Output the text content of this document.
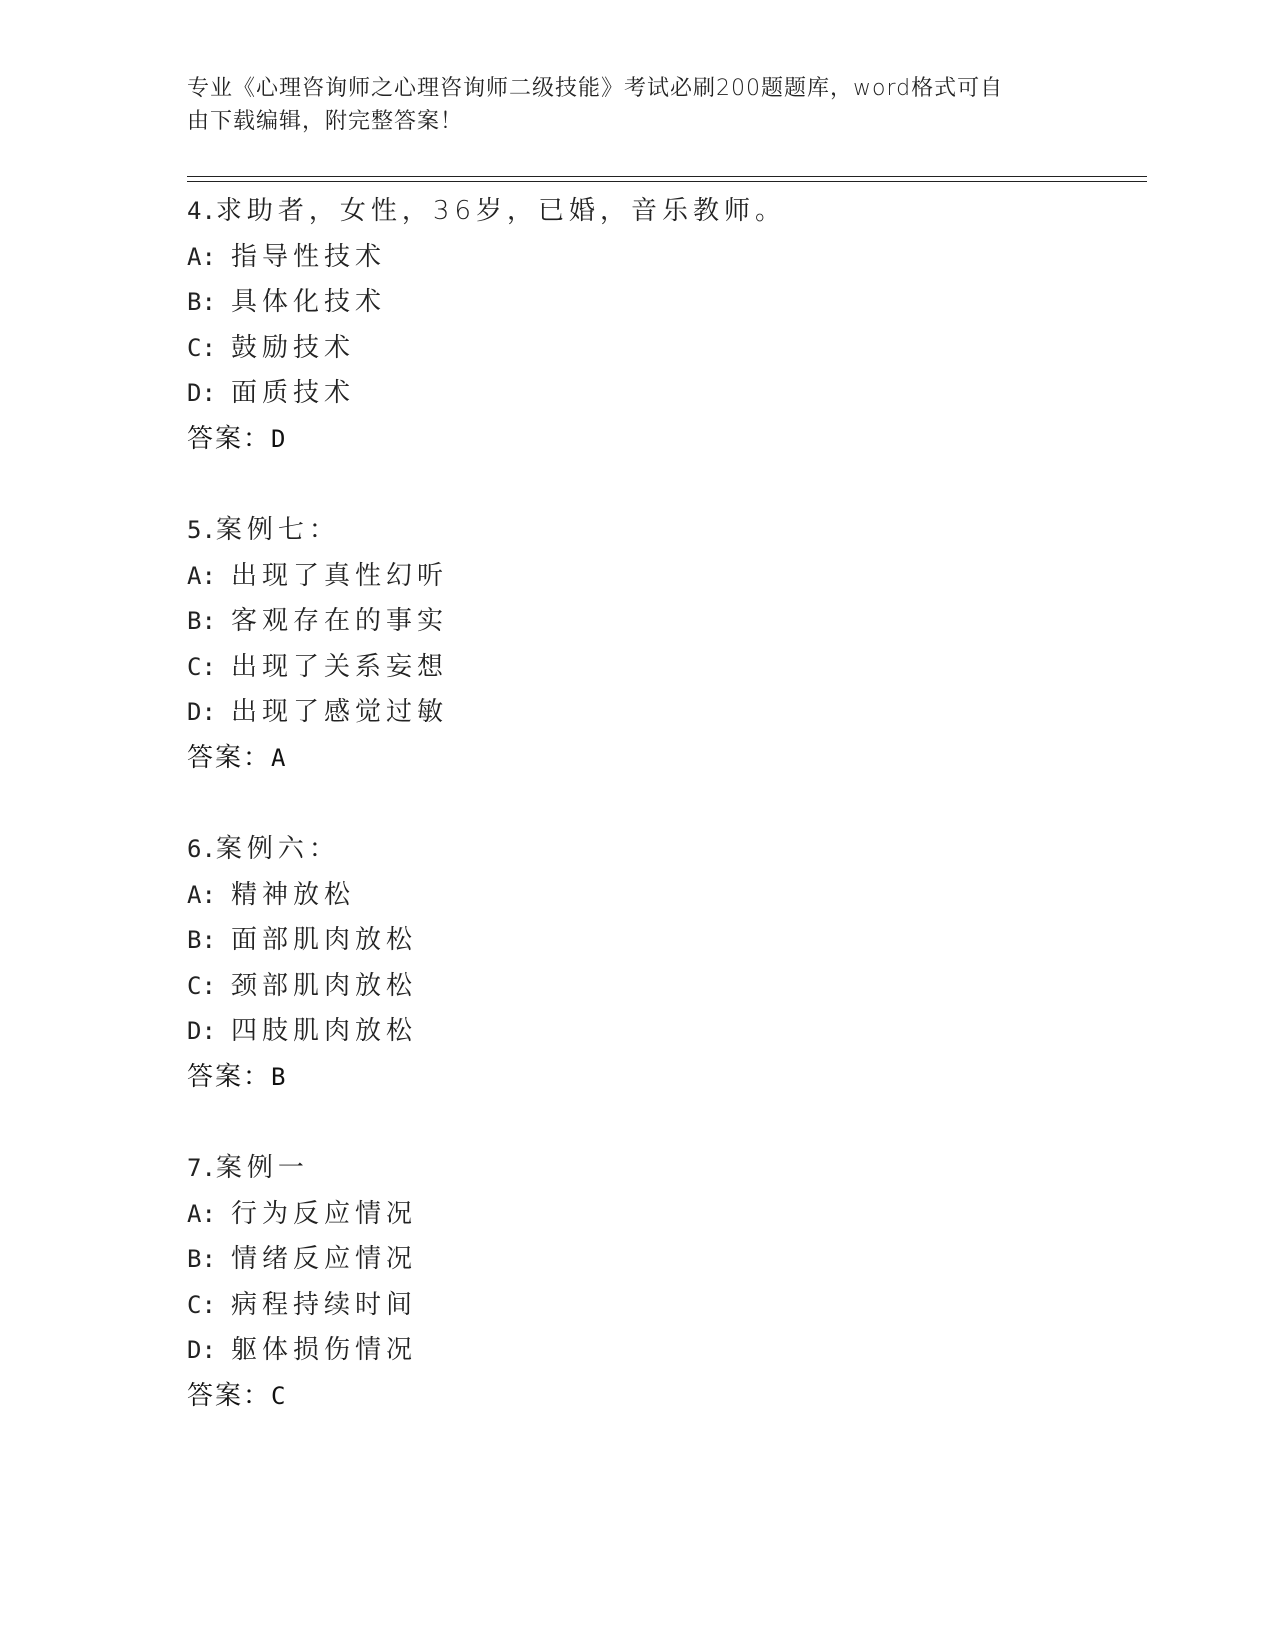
专业《心理咨询师之心理咨询师二级技能》考试必刷200题题库，word格式可自
由下载编辑，附完整答案！
4.求助者，女性，36岁，已婚，音乐教师。
A: 指导性技术
B: 具体化技术
C: 鼓励技术
D: 面质技术
答案：D
5.案例七：
A: 出现了真性幻听
B: 客观存在的事实
C: 出现了关系妄想
D: 出现了感觉过敏
答案：A
6.案例六：
A: 精神放松
B: 面部肌肉放松
C: 颈部肌肉放松
D: 四肢肌肉放松
答案：B
7.案例一
A: 行为反应情况
B: 情绪反应情况
C: 病程持续时间
D: 躯体损伤情况
答案：C
